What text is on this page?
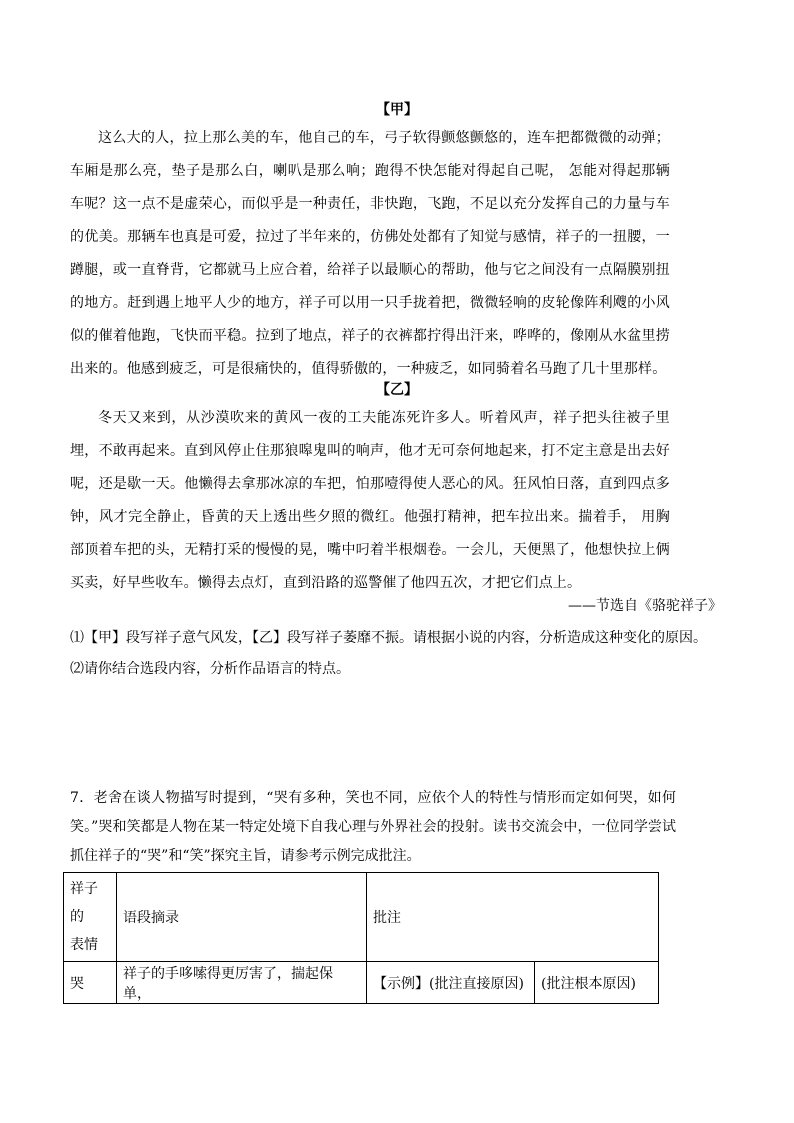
【甲】

这么大的人，拉上那么美的车，他自己的车，弓子软得颤悠颤悠的，连车把都微微的动弹；车厢是那么亮，垫子是那么白，喇叭是那么响；跑得不快怎能对得起自己呢， 怎能对得起那辆车呢？这一点不是虚荣心，而似乎是一种责任，非快跑，飞跑，不足以充分发挥自己的力量与车的优美。那辆车也真是可爱，拉过了半年来的，仿佛处处都有了知觉与感情，祥子的一扭腰，一蹲腿，或一直脊背，它都就马上应合着，给祥子以最顺心的帮助，他与它之间没有一点隔膜别扭的地方。赶到遇上地平人少的地方，祥子可以用一只手拢着把，微微轻响的皮轮像阵利飕的小风似的催着他跑，飞快而平稳。拉到了地点，祥子的衣裤都拧得出汗来，哗哗的，像刚从水盆里捞出来的。他感到疲乏，可是很痛快的，值得骄傲的，一种疲乏，如同骑着名马跑了几十里那样。

【乙】

冬天又来到，从沙漠吹来的黄风一夜的工夫能冻死许多人。听着风声，祥子把头往被子里埋，不敢再起来。直到风停止住那狼嗥鬼叫的响声，他才无可奈何地起来，打不定主意是出去好呢，还是歇一天。他懒得去拿那冰凉的车把，怕那噎得使人恶心的风。狂风怕日落，直到四点多钟，风才完全静止，昏黄的天上透出些夕照的微红。他强打精神，把车拉出来。揣着手， 用胸部顶着车把的头，无精打采的慢慢的晃，嘴中叼着半根烟卷。一会儿，天便黑了，他想快拉上俩买卖，好早些收车。懒得去点灯，直到沿路的巡警催了他四五次，才把它们点上。

——节选自《骆驼祥子》
⑴【甲】段写祥子意气风发，【乙】段写祥子萎靡不振。请根据小说的内容，分析造成这种变化的原因。
⑵请你结合选段内容，分析作品语言的特点。

7．老舍在谈人物描写时提到，“哭有多种，笑也不同，应依个人的特性与情形而定如何哭，如何笑。”哭和笑都是人物在某一特定处境下自我心理与外界社会的投射。读书交流会中，一位同学尝试抓住祥子的“哭”和“笑”探究主旨，请参考示例完成批注。

祥子
的
表情	语段摘录	批注	
哭	祥子的手哆嗦得更厉害了，揣起保单，	【示例】(批注直接原因)	(批注根本原因)
